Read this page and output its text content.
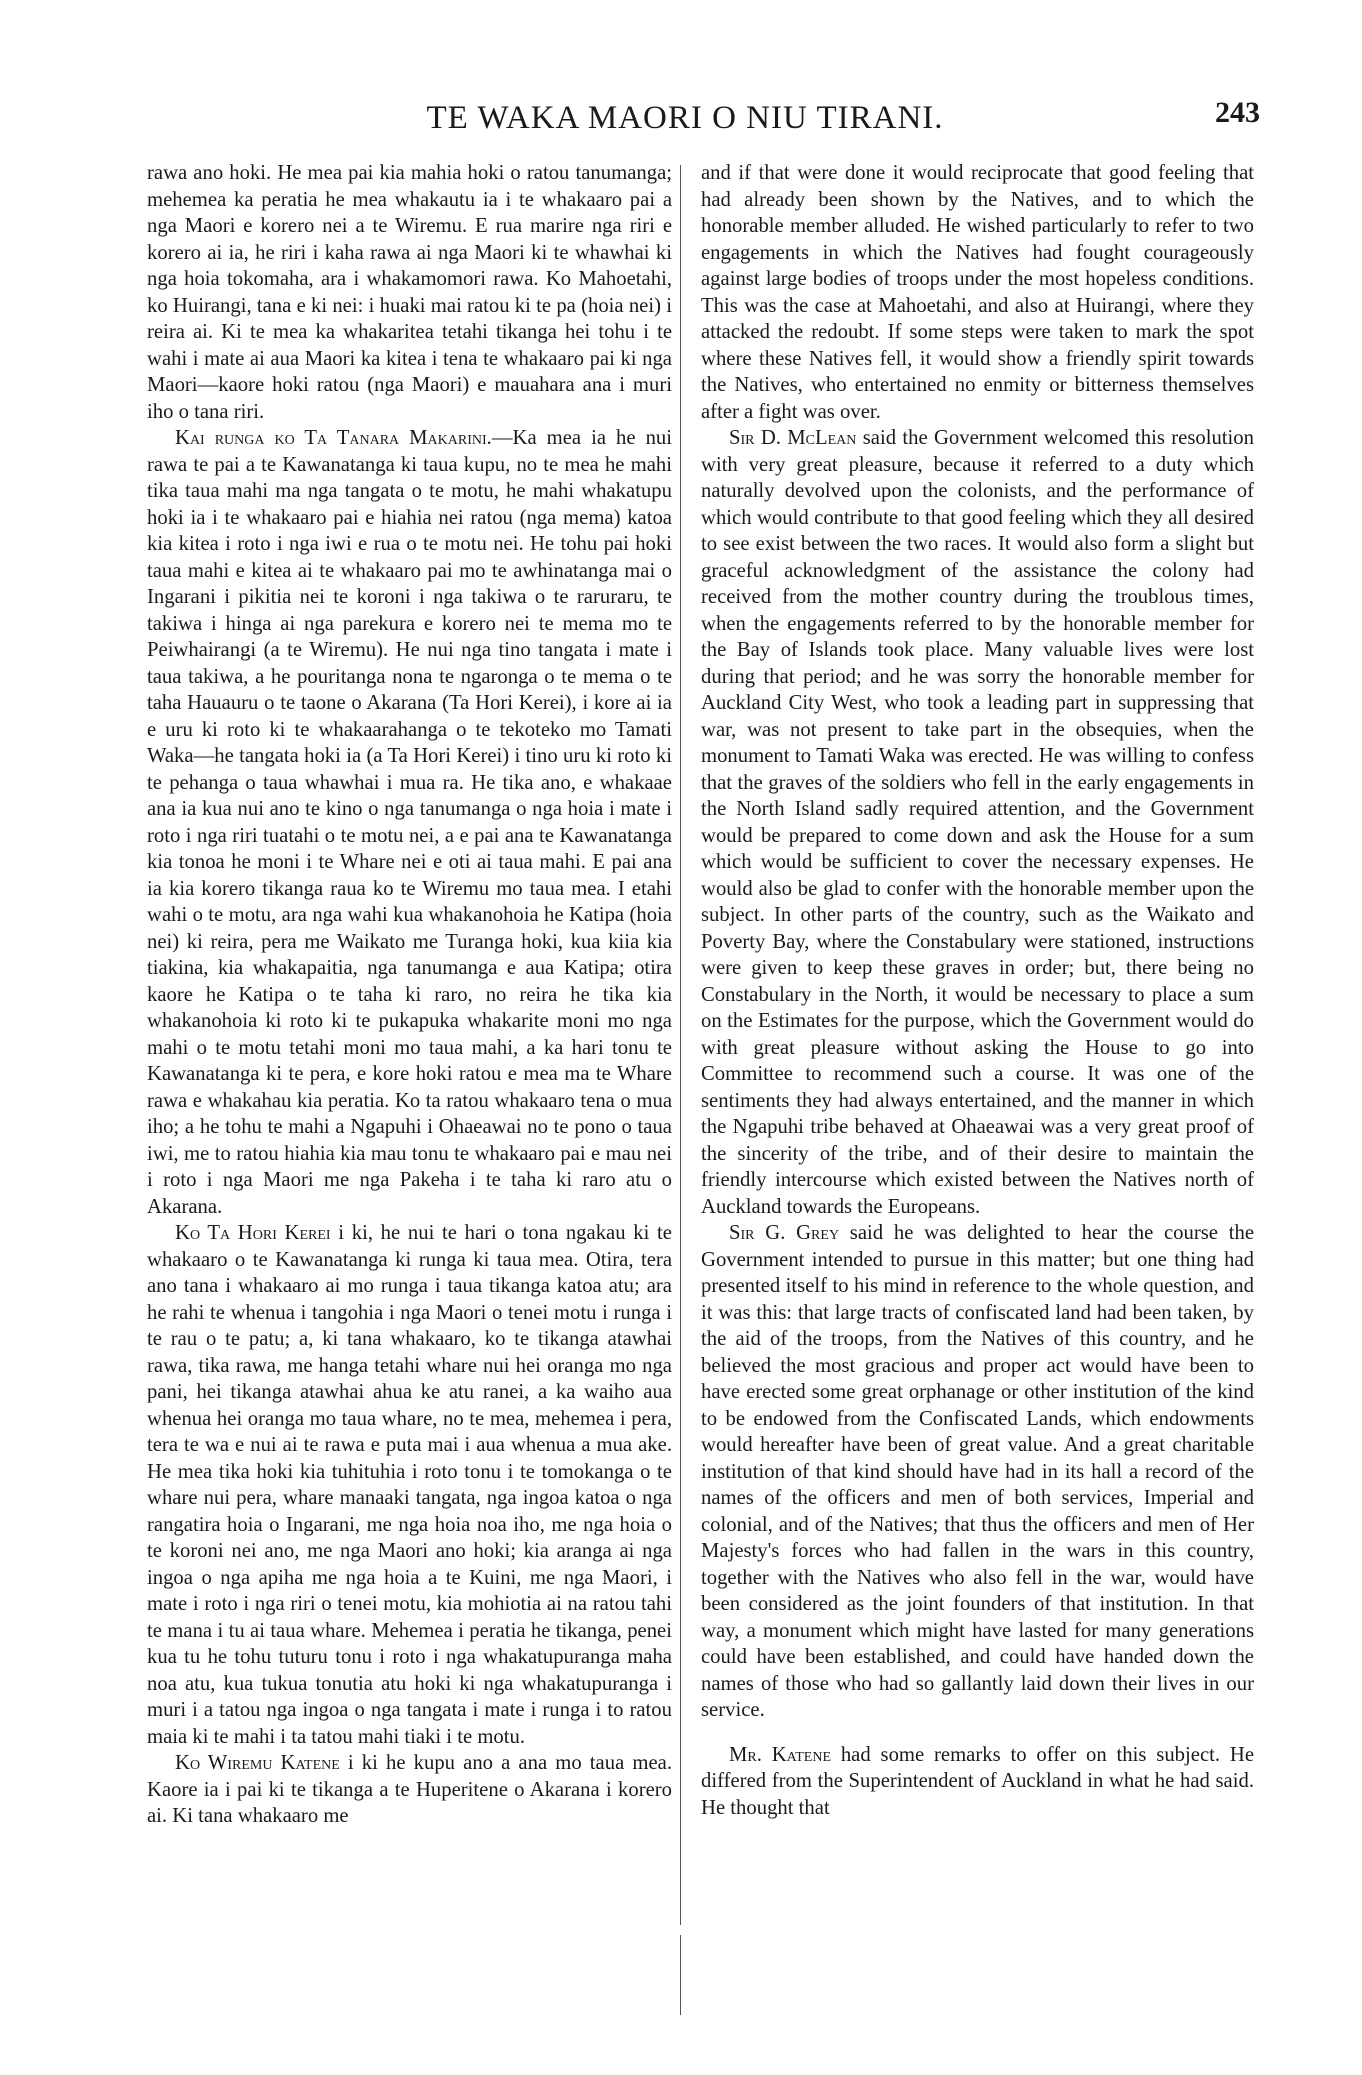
TE WAKA MAORI O NIU TIRANI.	243

rawa ano hoki. He mea pai kia mahia hoki o ratou tanumanga; mehemea ka peratia he mea whakautu ia i te whakaaro pai a nga Maori e korero nei a te Wiremu. E rua marire nga riri e korero ai ia, he riri i kaha rawa ai nga Maori ki te whawhai ki nga hoia tokomaha, ara i whakamomori rawa. Ko Mahoetahi, ko Huirangi, tana e ki nei: i huaki mai ratou ki te pa (hoia nei) i reira ai. Ki te mea ka whakaritea tetahi tikanga hei tohu i te wahi i mate ai aua Maori ka kitea i tena te whakaaro pai ki nga Maori—kaore hoki ratou (nga Maori) e mauahara ana i muri iho o tana riri.

Kai runga ko Ta Tanara Makarini.—Ka mea ia he nui rawa te pai a te Kawanatanga ki taua kupu, no te mea he mahi tika taua mahi ma nga tangata o te motu, he mahi whakatupu hoki ia i te whakaaro pai e hiahia nei ratou (nga mema) katoa kia kitea i roto i nga iwi e rua o te motu nei. He tohu pai hoki taua mahi e kitea ai te whakaaro pai mo te awhinatanga mai o Ingarani i pikitia nei te koroni i nga takiwa o te raruraru, te takiwa i hinga ai nga parekura e korero nei te mema mo te Peiwhairangi (a te Wiremu). He nui nga tino tangata i mate i taua takiwa, a he pouritanga nona te ngaronga o te mema o te taha Hauauru o te taone o Akarana (Ta Hori Kerei), i kore ai ia e uru ki roto ki te whakaarahanga o te tekoteko mo Tamati Waka—he tangata hoki ia (a Ta Hori Kerei) i tino uru ki roto ki te pehanga o taua whawhai i mua ra. He tika ano, e whakaae ana ia kua nui ano te kino o nga tanumanga o nga hoia i mate i roto i nga riri tuatahi o te motu nei, a e pai ana te Kawanatanga kia tonoa he moni i te Whare nei e oti ai taua mahi. E pai ana ia kia korero tikanga raua ko te Wiremu mo taua mea. I etahi wahi o te motu, ara nga wahi kua whakanohoia he Katipa (hoia nei) ki reira, pera me Waikato me Turanga hoki, kua kiia kia tiakina, kia whakapaitia, nga tanumanga e aua Katipa; otira kaore he Katipa o te taha ki raro, no reira he tika kia whakanohoia ki roto ki te pukapuka whakarite moni mo nga mahi o te motu tetahi moni mo taua mahi, a ka hari tonu te Kawanatanga ki te pera, e kore hoki ratou e mea ma te Whare rawa e whakahau kia peratia. Ko ta ratou whakaaro tena o mua iho; a he tohu te mahi a Ngapuhi i Ohaeawai no te pono o taua iwi, me to ratou hiahia kia mau tonu te whakaaro pai e mau nei i roto i nga Maori me nga Pakeha i te taha ki raro atu o Akarana.

Ko Ta Hori Kerei i ki, he nui te hari o tona ngakau ki te whakaaro o te Kawanatanga ki runga ki taua mea. Otira, tera ano tana i whakaaro ai mo runga i taua tikanga katoa atu; ara he rahi te whenua i tangohia i nga Maori o tenei motu i runga i te rau o te patu; a, ki tana whakaaro, ko te tikanga atawhai rawa, tika rawa, me hanga tetahi whare nui hei oranga mo nga pani, hei tikanga atawhai ahua ke atu ranei, a ka waiho aua whenua hei oranga mo taua whare, no te mea, mehemea i pera, tera te wa e nui ai te rawa e puta mai i aua whenua a mua ake. He mea tika hoki kia tuhituhia i roto tonu i te tomokanga o te whare nui pera, whare manaaki tangata, nga ingoa katoa o nga rangatira hoia o Ingarani, me nga hoia noa iho, me nga hoia o te koroni nei ano, me nga Maori ano hoki; kia aranga ai nga ingoa o nga apiha me nga hoia a te Kuini, me nga Maori, i mate i roto i nga riri o tenei motu, kia mohiotia ai na ratou tahi te mana i tu ai taua whare. Mehemea i peratia he tikanga, penei kua tu he tohu tuturu tonu i roto i nga whakatupuranga maha noa atu, kua tukua tonutia atu hoki ki nga whakatupuranga i muri i a tatou nga ingoa o nga tangata i mate i runga i to ratou maia ki te mahi i ta tatou mahi tiaki i te motu.

Ko Wiremu Katene i ki he kupu ano a ana mo taua mea. Kaore ia i pai ki te tikanga a te Huperitene o Akarana i korero ai. Ki tana whakaaro me

and if that were done it would reciprocate that good feeling that had already been shown by the Natives, and to which the honorable member alluded. He wished particularly to refer to two engagements in which the Natives had fought courageously against large bodies of troops under the most hopeless conditions. This was the case at Mahoetahi, and also at Huirangi, where they attacked the redoubt. If some steps were taken to mark the spot where these Natives fell, it would show a friendly spirit towards the Natives, who entertained no enmity or bitterness themselves after a fight was over.

Sir D. McLean said the Government welcomed this resolution with very great pleasure, because it referred to a duty which naturally devolved upon the colonists, and the performance of which would contribute to that good feeling which they all desired to see exist between the two races. It would also form a slight but graceful acknowledgment of the assistance the colony had received from the mother country during the troublous times, when the engagements referred to by the honorable member for the Bay of Islands took place. Many valuable lives were lost during that period; and he was sorry the honorable member for Auckland City West, who took a leading part in suppressing that war, was not present to take part in the obsequies, when the monument to Tamati Waka was erected. He was willing to confess that the graves of the soldiers who fell in the early engagements in the North Island sadly required attention, and the Government would be prepared to come down and ask the House for a sum which would be sufficient to cover the necessary expenses. He would also be glad to confer with the honorable member upon the subject. In other parts of the country, such as the Waikato and Poverty Bay, where the Constabulary were stationed, instructions were given to keep these graves in order; but, there being no Constabulary in the North, it would be necessary to place a sum on the Estimates for the purpose, which the Government would do with great pleasure without asking the House to go into Committee to recommend such a course. It was one of the sentiments they had always entertained, and the manner in which the Ngapuhi tribe behaved at Ohaeawai was a very great proof of the sincerity of the tribe, and of their desire to maintain the friendly intercourse which existed between the Natives north of Auckland towards the Europeans.

Sir G. Grey said he was delighted to hear the course the Government intended to pursue in this matter; but one thing had presented itself to his mind in reference to the whole question, and it was this: that large tracts of confiscated land had been taken, by the aid of the troops, from the Natives of this country, and he believed the most gracious and proper act would have been to have erected some great orphanage or other institution of the kind to be endowed from the Confiscated Lands, which endowments would hereafter have been of great value. And a great charitable institution of that kind should have had in its hall a record of the names of the officers and men of both services, Imperial and colonial, and of the Natives; that thus the officers and men of Her Majesty's forces who had fallen in the wars in this country, together with the Natives who also fell in the war, would have been considered as the joint founders of that institution. In that way, a monument which might have lasted for many generations could have been established, and could have handed down the names of those who had so gallantly laid down their lives in our service.

Mr. Katene had some remarks to offer on this subject. He differed from the Superintendent of Auckland in what he had said. He thought that
